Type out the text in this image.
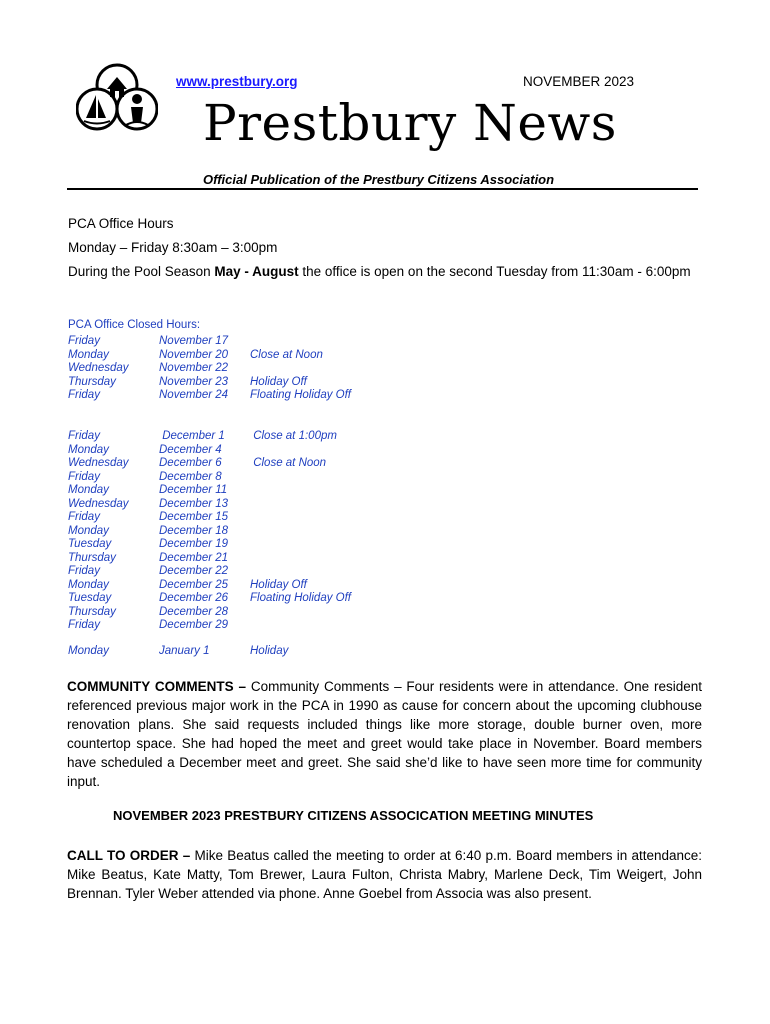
www.prestbury.org	NOVEMBER 2023
Prestbury News
Official Publication of the Prestbury Citizens Association

PCA Office Hours

Monday – Friday 8:30am – 3:00pm

During the Pool Season May - August the office is open on the second Tuesday from 11:30am - 6:00pm

PCA Office Closed Hours:
Friday	November 17
Monday	November 20	Close at Noon
Wednesday	November 22
Thursday	November 23	Holiday Off
Friday	November 24	Floating Holiday Off
Friday	December 1	Close at 1:00pm
Monday	December 4
Wednesday	December 6	Close at Noon
Friday	December 8
Monday	December 11
Wednesday	December 13
Friday	December 15
Monday	December 18
Tuesday	December 19
Thursday	December 21
Friday	December 22
Monday	December 25	Holiday Off
Tuesday	December 26	Floating Holiday Off
Thursday	December 28
Friday	December 29
Monday	January 1	Holiday

COMMUNITY COMMENTS – Community Comments – Four residents were in attendance. One resident referenced previous major work in the PCA in 1990 as cause for concern about the upcoming clubhouse renovation plans. She said requests included things like more storage, double burner oven, more countertop space. She had hoped the meet and greet would take place in November. Board members have scheduled a December meet and greet. She said she’d like to have seen more time for community input.

NOVEMBER 2023 PRESTBURY CITIZENS ASSOCICATION MEETING MINUTES

CALL TO ORDER – Mike Beatus called the meeting to order at 6:40 p.m. Board members in attendance: Mike Beatus, Kate Matty, Tom Brewer, Laura Fulton, Christa Mabry, Marlene Deck, Tim Weigert, John Brennan. Tyler Weber attended via phone. Anne Goebel from Associa was also present.
